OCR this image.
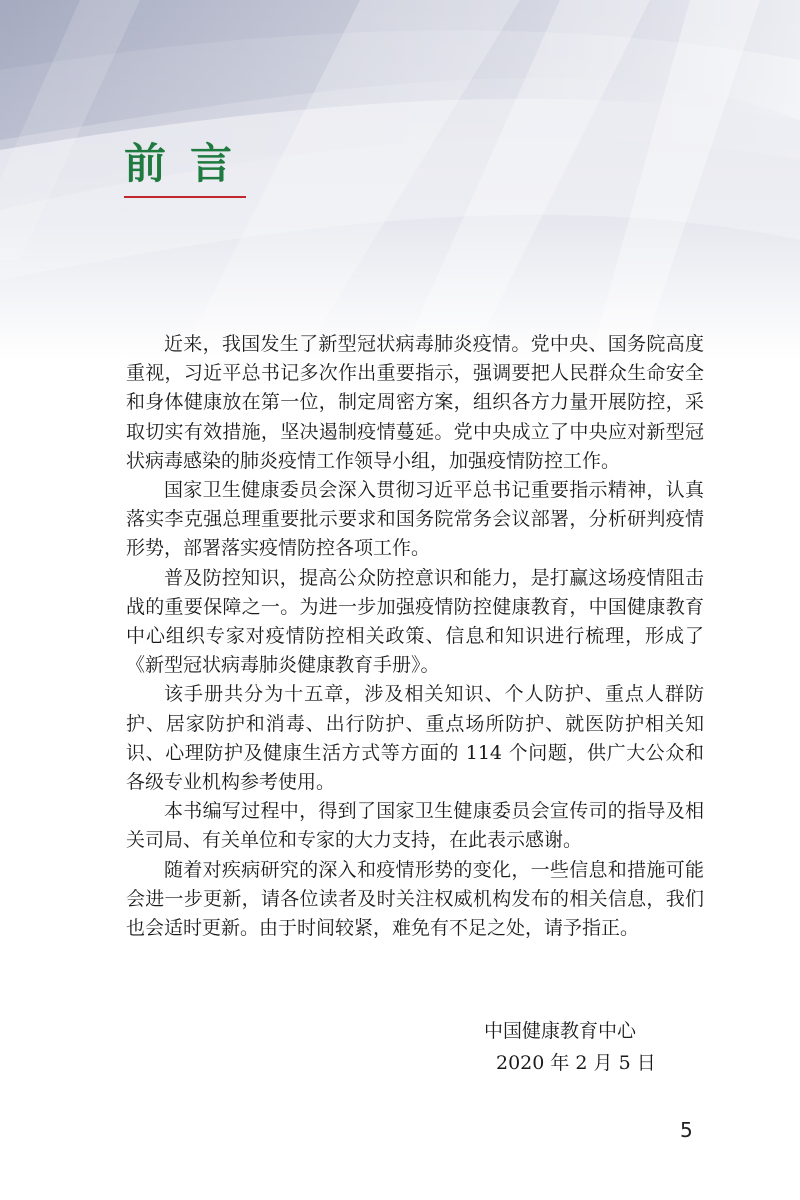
前言

近来，我国发生了新型冠状病毒肺炎疫情。党中央、国务院高度重视，习近平总书记多次作出重要指示，强调要把人民群众生命安全和身体健康放在第一位，制定周密方案，组织各方力量开展防控，采取切实有效措施，坚决遏制疫情蔓延。党中央成立了中央应对新型冠状病毒感染的肺炎疫情工作领导小组，加强疫情防控工作。

国家卫生健康委员会深入贯彻习近平总书记重要指示精神，认真落实李克强总理重要批示要求和国务院常务会议部署，分析研判疫情形势，部署落实疫情防控各项工作。

普及防控知识，提高公众防控意识和能力，是打赢这场疫情阻击战的重要保障之一。为进一步加强疫情防控健康教育，中国健康教育中心组织专家对疫情防控相关政策、信息和知识进行梳理，形成了《新型冠状病毒肺炎健康教育手册》。

该手册共分为十五章，涉及相关知识、个人防护、重点人群防护、居家防护和消毒、出行防护、重点场所防护、就医防护相关知识、心理防护及健康生活方式等方面的 114 个问题，供广大公众和各级专业机构参考使用。

本书编写过程中，得到了国家卫生健康委员会宣传司的指导及相关司局、有关单位和专家的大力支持，在此表示感谢。

随着对疾病研究的深入和疫情形势的变化，一些信息和措施可能会进一步更新，请各位读者及时关注权威机构发布的相关信息，我们也会适时更新。由于时间较紧，难免有不足之处，请予指正。

中国健康教育中心
2020 年 2 月 5 日
5
